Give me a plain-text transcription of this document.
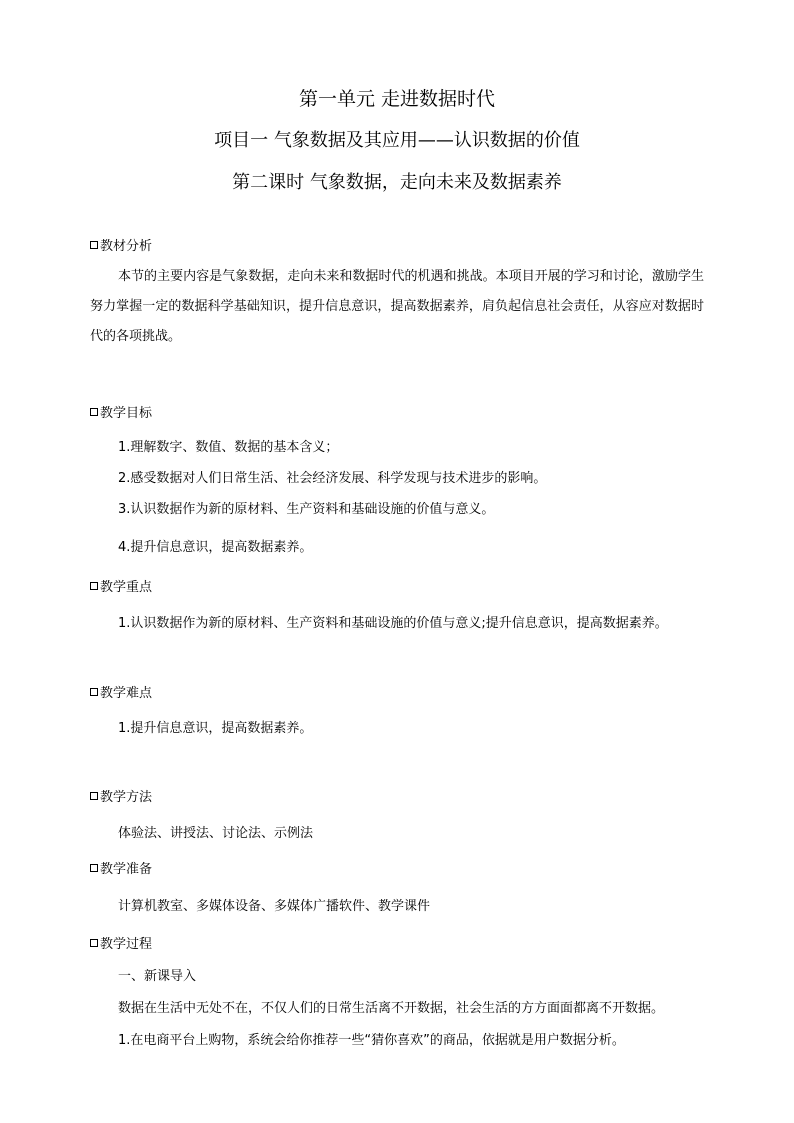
第一单元 走进数据时代
项目一 气象数据及其应用——认识数据的价值
第二课时 气象数据，走向未来及数据素养
教材分析
本节的主要内容是气象数据，走向未来和数据时代的机遇和挑战。本项目开展的学习和讨论，激励学生努力掌握一定的数据科学基础知识，提升信息意识，提高数据素养，肩负起信息社会责任，从容应对数据时代的各项挑战。
教学目标
1.理解数字、数值、数据的基本含义；
2.感受数据对人们日常生活、社会经济发展、科学发现与技术进步的影响。
3.认识数据作为新的原材料、生产资料和基础设施的价值与意义。
4.提升信息意识，提高数据素养。
教学重点
1.认识数据作为新的原材料、生产资料和基础设施的价值与意义;提升信息意识，提高数据素养。
教学难点
1.提升信息意识，提高数据素养。
教学方法
体验法、讲授法、讨论法、示例法
教学准备
计算机教室、多媒体设备、多媒体广播软件、教学课件
教学过程
一、新课导入
数据在生活中无处不在，不仅人们的日常生活离不开数据，社会生活的方方面面都离不开数据。
1.在电商平台上购物，系统会给你推荐一些“猜你喜欢”的商品，依据就是用户数据分析。
